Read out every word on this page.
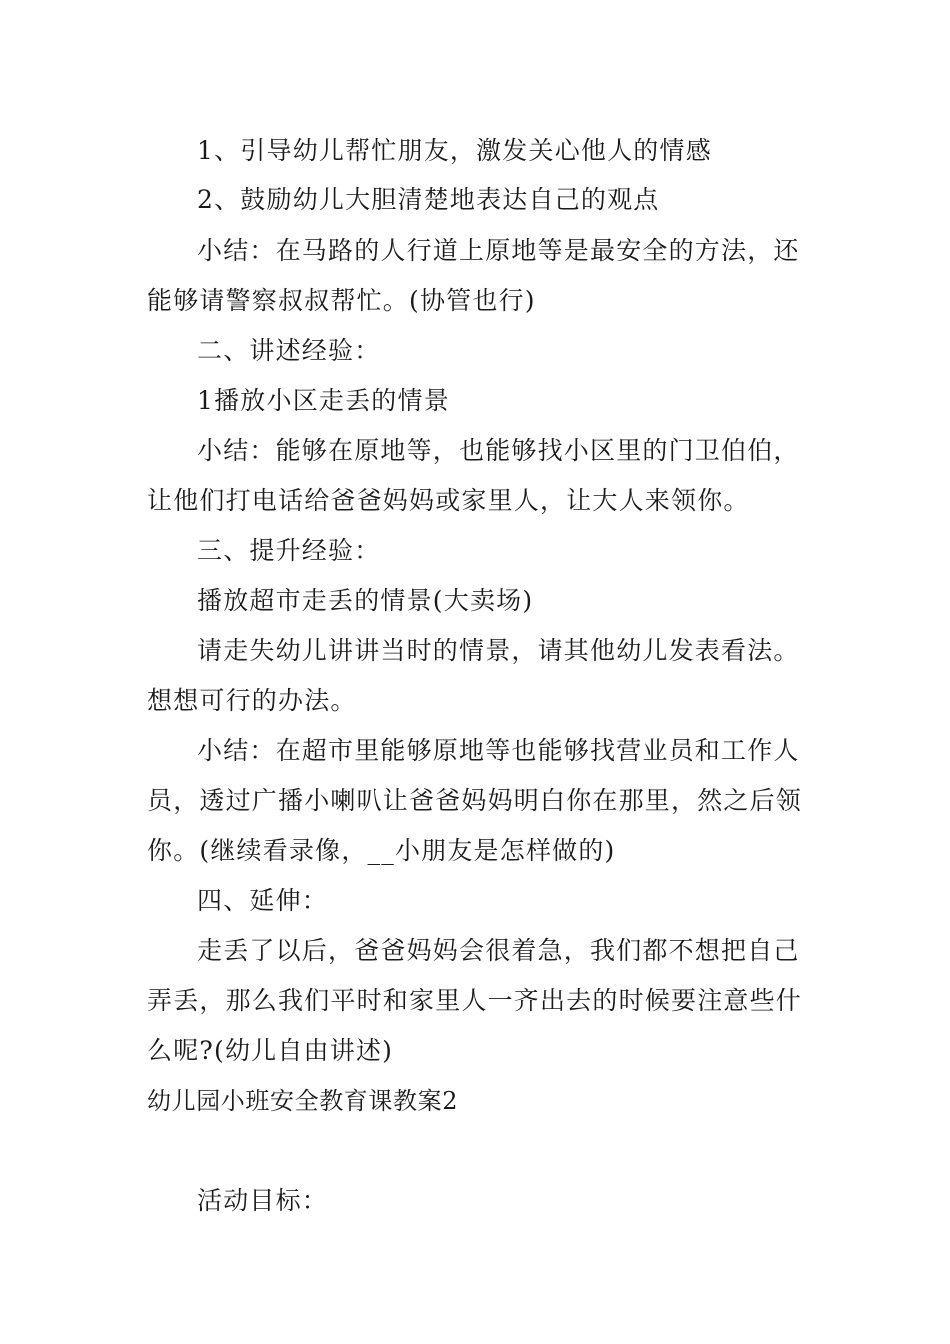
1、引导幼儿帮忙朋友，激发关心他人的情感
2、鼓励幼儿大胆清楚地表达自己的观点
小结：在马路的人行道上原地等是最安全的方法，还
能够请警察叔叔帮忙。(协管也行)
二、讲述经验：
1播放小区走丢的情景
小结：能够在原地等，也能够找小区里的门卫伯伯，
让他们打电话给爸爸妈妈或家里人，让大人来领你。
三、提升经验：
播放超市走丢的情景(大卖场)
请走失幼儿讲讲当时的情景，请其他幼儿发表看法。
想想可行的办法。
小结：在超市里能够原地等也能够找营业员和工作人
员，透过广播小喇叭让爸爸妈妈明白你在那里，然之后领
你。(继续看录像，__小朋友是怎样做的)
四、延伸：
走丢了以后，爸爸妈妈会很着急，我们都不想把自己
弄丢，那么我们平时和家里人一齐出去的时候要注意些什
么呢?(幼儿自由讲述)
幼儿园小班安全教育课教案2
活动目标：
